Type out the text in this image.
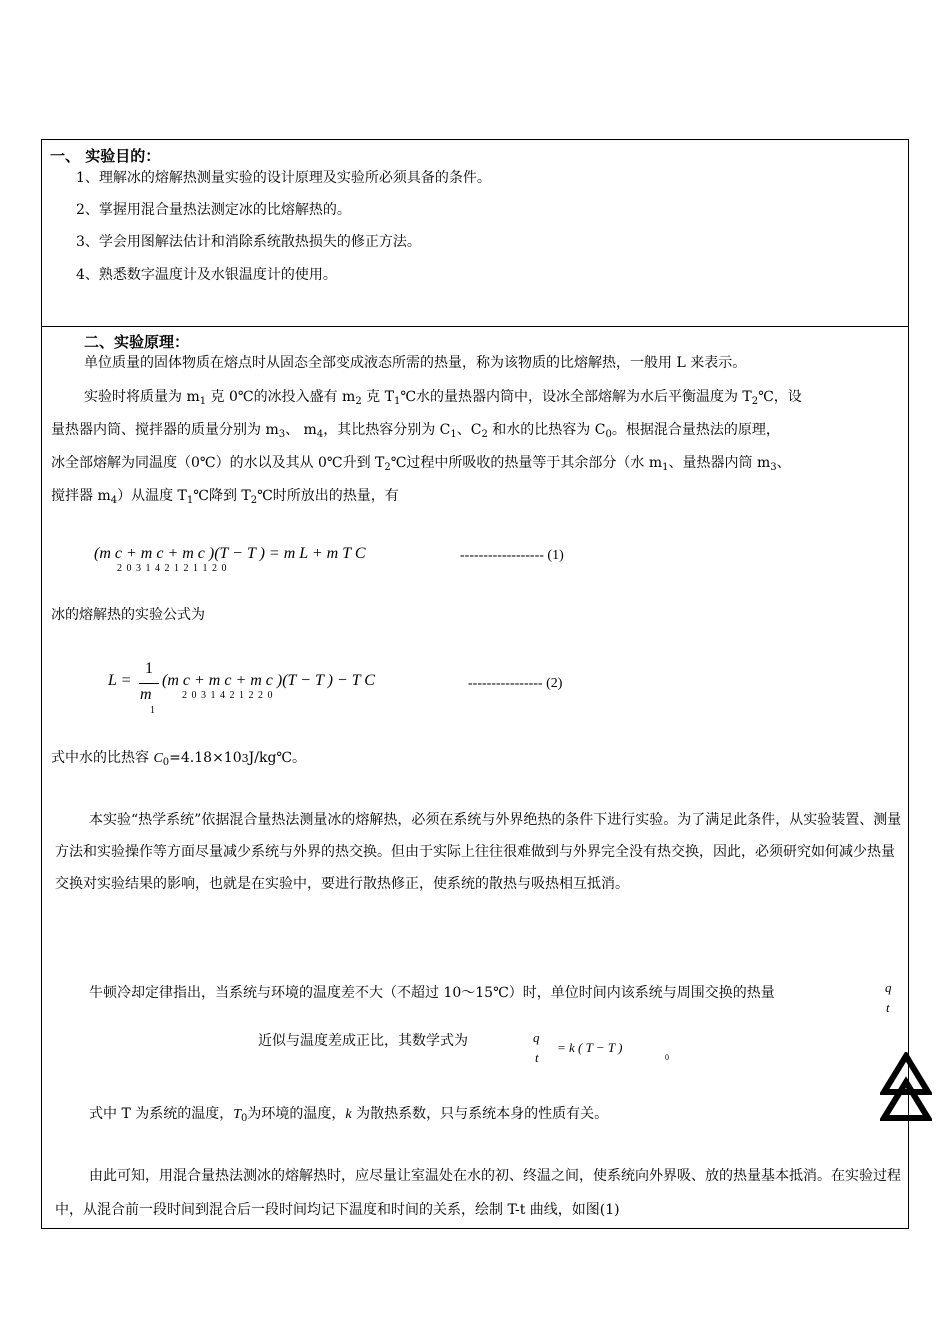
一、 实验目的：
1、理解冰的熔解热测量实验的设计原理及实验所必须具备的条件。
2、掌握用混合量热法测定冰的比熔解热的。
3、学会用图解法估计和消除系统散热损失的修正方法。
4、熟悉数字温度计及水银温度计的使用。
二、实验原理：
单位质量的固体物质在熔点时从固态全部变成液态所需的热量，称为该物质的比熔解热，一般用 L 来表示。
实验时将质量为 $m_1$ 克 0℃的冰投入盛有 $m_2$ 克 $T_1℃$水的量热器内筒中，设冰全部熔解为水后平衡温度为 $T_2℃$，设
量热器内筒、搅拌器的质量分别为 $m_3$、 $m_4$，其比热容分别为 $C_1$、$C_2$ 和水的比热容为 $C_0$。根据混合量热法的原理，
冰全部熔解为同温度（0℃）的水以及其从 0℃升到 $T_2℃$过程中所吸收的热量等于其余部分（水 $m_1$、量热器内筒 $m_3$、
搅拌器 $m_4$）从温度 $T_1℃$降到 $T_2℃$时所放出的热量，有
(m c + m c + m c )(T − T ) = m L + m T C
2 0 3 1 4 2 1 2 1 1 2 0
------------------ (1)
冰的熔解热的实验公式为
L =
1
m
1
(m c + m c + m c )(T − T ) − T C
2 0 3 1 4 2 1 2 2 0
---------------- (2)
式中水的比热容 $C_0=4.18\times 103J/kg℃$。
本实验“热学系统”依据混合量热法测量冰的熔解热，必须在系统与外界绝热的条件下进行实验。为了满足此条件，从实验装置、测量方法和实验操作等方面尽量减少系统与外界的热交换。但由于实际上往往很难做到与外界完全没有热交换，因此，必须研究如何减少热量交换对实验结果的影响，也就是在实验中，要进行散热修正，使系统的散热与吸热相互抵消。
牛顿冷却定律指出，当系统与环境的温度差不大（不超过 10～15℃）时，单位时间内该系统与周围交换的热量	q
t
近似与温度差成正比，其数学式为	q
t
= k ( T − T )
0
式中 T 为系统的温度，$T_0$为环境的温度，k 为散热系数，只与系统本身的性质有关。
由此可知，用混合量热法测冰的熔解热时，应尽量让室温处在水的初、终温之间，使系统向外界吸、放的热量基本抵消。在实验过程中，从混合前一段时间到混合后一段时间均记下温度和时间的关系，绘制 T-t 曲线，如图(1)
